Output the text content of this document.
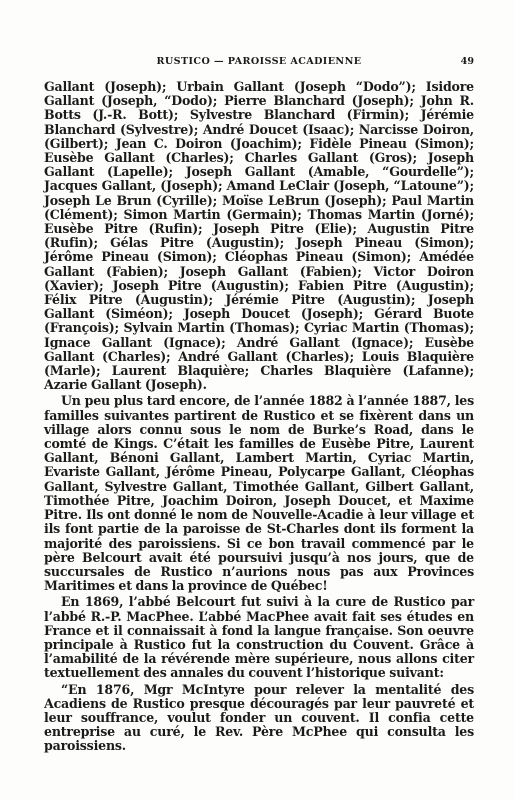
RUSTICO — PAROISSE ACADIENNE	49

Gallant (Joseph); Urbain Gallant (Joseph “Dodo”); Isidore Gallant (Joseph, “Dodo); Pierre Blanchard (Joseph); John R. Botts (J.-R. Bott); Sylvestre Blanchard (Firmin); Jérémie Blanchard (Sylvestre); André Doucet (Isaac); Narcisse Doiron, (Gilbert); Jean C. Doiron (Joachim); Fidèle Pineau (Simon); Eusèbe Gallant (Charles); Charles Gallant (Gros); Joseph Gallant (Lapelle); Joseph Gallant (Amable, “Gourdelle”); Jacques Gallant, (Joseph); Amand LeClair (Joseph, “Latoune”); Joseph Le Brun (Cyrille); Moïse LeBrun (Joseph); Paul Martin (Clément); Simon Martin (Germain); Thomas Martin (Jorné); Eusèbe Pitre (Rufin); Joseph Pitre (Elie); Augustin Pitre (Rufin); Gélas Pitre (Augustin); Joseph Pineau (Simon); Jérôme Pineau (Simon); Cléophas Pineau (Simon); Amédée Gallant (Fabien); Joseph Gallant (Fabien); Victor Doiron (Xavier); Joseph Pitre (Augustin); Fabien Pitre (Augustin); Félix Pitre (Augustin); Jérémie Pitre (Augustin); Joseph Gallant (Siméon); Joseph Doucet (Joseph); Gérard Buote (François); Sylvain Martin (Thomas); Cyriac Martin (Thomas); Ignace Gallant (Ignace); André Gallant (Ignace); Eusèbe Gallant (Charles); André Gallant (Charles); Louis Blaquière (Marle); Laurent Blaquière; Charles Blaquière (Lafanne); Azarie Gallant (Joseph).

Un peu plus tard encore, de l’année 1882 à l’année 1887, les familles suivantes partirent de Rustico et se fixèrent dans un village alors connu sous le nom de Burke’s Road, dans le comté de Kings. C’était les familles de Eusèbe Pitre, Laurent Gallant, Bénoni Gallant, Lambert Martin, Cyriac Martin, Evariste Gallant, Jérôme Pineau, Polycarpe Gallant, Cléophas Gallant, Sylvestre Gallant, Timothée Gallant, Gilbert Gallant, Timothée Pitre, Joachim Doiron, Joseph Doucet, et Maxime Pitre. Ils ont donné le nom de Nouvelle-Acadie à leur village et ils font partie de la paroisse de St-Charles dont ils forment la majorité des paroissiens. Si ce bon travail commencé par le père Belcourt avait été poursuivi jusqu’à nos jours, que de succursales de Rustico n’aurions nous pas aux Provinces Maritimes et dans la province de Québec!

En 1869, l’abbé Belcourt fut suivi à la cure de Rustico par l’abbé R.-P. MacPhee. L’abbé MacPhee avait fait ses études en France et il connaissait à fond la langue française. Son oeuvre principale à Rustico fut la construction du Couvent. Grâce à l’amabilité de la révérende mère supérieure, nous allons citer textuellement des annales du couvent l’historique suivant:

“En 1876, Mgr McIntyre pour relever la mentalité des Acadiens de Rustico presque découragés par leur pauvreté et leur souffrance, voulut fonder un couvent. Il confia cette entreprise au curé, le Rev. Père McPhee qui consulta les paroissiens.
